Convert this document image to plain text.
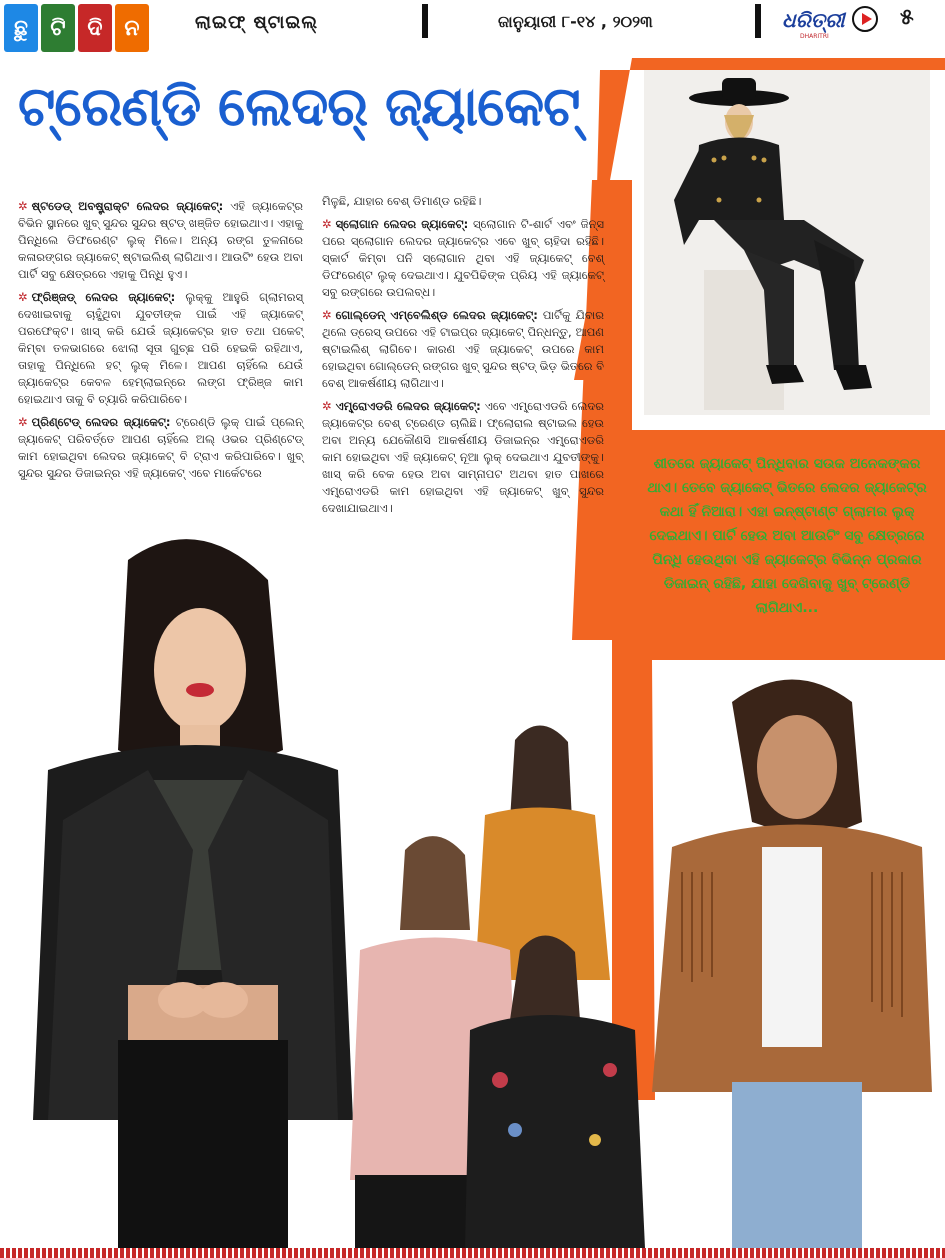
ଛୁ	ଟି ଦି ନ	ଲାଇଫ୍ ଷ୍ଟାଇଲ୍	ଜାନୁୟାରୀ ୮-୧୪ , ୨୦୨୩	ଧରିତ୍ରୀ
DHARITRI
୫
ଟ୍ରେଣ୍ଡି ଲେଦର୍ ଜ୍ୟାକେଟ୍

✲ ଷ୍ଟଡେଡ୍ ଅବଷ୍ଟ୍ରାକ୍ଟ ଲେଦର ଜ୍ୟାକେଟ୍: ଏହି ଜ୍ୟାକେଟ୍‌ର ବିଭିନ ସ୍ଥାନରେ ଖୁବ୍ ସୁନ୍ଦର ସୁନ୍ଦର ଷ୍ଟଡ୍ ଖଞ୍ଜିତ ହୋଇଥାଏ। ଏହାକୁ ପିନ୍ଧିଲେ ଡିଫରେଣ୍ଟ ଲୁକ୍ ମିଳେ। ଅନ୍ୟ ରଙ୍ଗ ତୁଳନାରେ କଳାରଙ୍ଗର ଜ୍ୟାକେଟ୍ ଷ୍ଟାଇଲିଶ୍ ଲାଗିଥାଏ। ଆଉଟିଂ ହେଉ ଅବା ପାର୍ଟି ସବୁ କ୍ଷେତ୍ରରେ ଏହାକୁ ପିନ୍ଧି ହୁଏ।

✲ ଫ୍ରିଞ୍ଜଡ୍ ଲେଦର ଜ୍ୟାକେଟ୍: ଲୁକ୍‌କୁ ଆହୁରି ଗ୍ଲାମରସ୍ ଦେଖାଇବାକୁ ଚାହୁଁଥିବା ଯୁବତୀଙ୍କ ପାଇଁ ଏହି ଜ୍ୟାକେଟ୍ ପରଫେକ୍ଟ। ଖାସ୍ କରି ଯେଉଁ ଜ୍ୟାକେଟ୍‌ର ହାତ ତଥା ପକେଟ୍ କିମ୍ବା ତଳଭାଗରେ ଝୋଲା ସୂତା ଗୁଚ୍ଛ ପରି ହେଇକି ରହିଥାଏ, ତାହାକୁ ପିନ୍ଧିଲେ ହଟ୍ ଲୁକ୍ ମିଳେ। ଆପଣ ଚାହିଁଲେ ଯେଉଁ ଜ୍ୟାକେଟ୍‌ର କେବଳ ହେମ୍‌ଲାଇନ୍‌ରେ ଲଙ୍ଗ ଫ୍ରିଞ୍ଜ କାମ ହୋଇଥାଏ ତାକୁ ବି ଚ୍ୟାରି କରିପାରିବେ।

✲ ପ୍ରିଣ୍ଟେଡ୍ ଲେଦର ଜ୍ୟାକେଟ୍: ଟ୍ରେଣ୍ଡି ଲୁକ୍ ପାଇଁ ପ୍ଲେନ୍ ଜ୍ୟାକେଟ୍ ପରିବର୍ତ୍ତେ ଆପଣ ଚାହିଁଲେ ଅଲ୍ ଓଭର ପ୍ରିଣ୍ଟେଡ୍ କାମ ହୋଇଥିବା ଲେଦର ଜ୍ୟାକେଟ୍ ବି ଟ୍ରାଏ କରିପାରିବେ। ଖୁବ୍ ସୁନ୍ଦର ସୁନ୍ଦର ଡିଜାଇନ୍‌ର ଏହି ଜ୍ୟାକେଟ୍ ଏବେ ମାର୍କେଟରେ

ମିଳୁଛି, ଯାହାର ବେଶ୍ ଡିମାଣ୍ଡ ରହିଛି।

✲ ସ୍ଲୋଗାନ ଲେଦର ଜ୍ୟାକେଟ୍: ସ୍ଲୋଗାନ ଟି-ଶାର୍ଟ ଏବଂ ଜିନ୍ସ ପରେ ସ୍ଲୋଗାନ ଲେଦର ଜ୍ୟାକେଟ୍‌ର ଏବେ ଖୁବ୍ ଚାହିଦା ରହିଛି। ସ୍କାର୍ଟ କିମ୍ବା ପନି ସ୍ଲୋଗାନ ଥିବା ଏହି ଜ୍ୟାକେଟ୍ ବେଶ୍ ଡିଫରେଣ୍ଟ ଲୁକ୍ ଦେଇଥାଏ। ଯୁବପିଢିଙ୍କ ପ୍ରିୟ ଏହି ଜ୍ୟାକେଟ୍ ସବୁ ରଙ୍ଗରେ ଉପଲବ୍ଧ।

✲ ଗୋଲ୍ଡେନ୍ ଏମ୍ବେଲିଶ୍ଡ ଲେଦର ଜ୍ୟାକେଟ୍: ପାର୍ଟିକୁ ଯିବାର ଥିଲେ ଡ୍ରେସ୍ ଉପରେ ଏହି ଟାଇପ୍‌ର ଜ୍ୟାକେଟ୍ ପିନ୍ଧନ୍ତୁ, ଆପଣ ଷ୍ଟାଇଲିଶ୍ ଲାଗିବେ। କାରଣ ଏହି ଜ୍ୟାକେଟ୍ ଉପରେ କାମ ହୋଇଥିବା ଗୋଲ୍ଡେନ୍ ରଙ୍ଗର ଖୁବ୍ ସୁନ୍ଦର ଷ୍ଟଡ୍ ଭିଡ଼ ଭିତରେ ବି ବେଶ୍ ଆକର୍ଷଣୀୟ ଲାଗିଥାଏ।

✲ ଏମ୍ବ୍ରୋଏଡରି ଲେଦର ଜ୍ୟାକେଟ୍: ଏବେ ଏମ୍ବ୍ରୋଏଡରି ଲେଦର ଜ୍ୟାକେଟ୍‌ର ବେଶ୍ ଟ୍ରେଣ୍ଡ ଚାଲିଛି। ଫ୍ଲୋରାଲ ଷ୍ଟାଇଲ ହେଉ ଅବା ଅନ୍ୟ ଯେକୌଣସି ଆକର୍ଷଣୀୟ ଡିଜାଇନ୍‌ର ଏମ୍ବ୍ରୋଏଡରି କାମ ହୋଇଥିବା ଏହି ଜ୍ୟାକେଟ୍ ନୂଆ ଲୁକ୍ ଦେଇଥାଏ ଯୁବତୀଙ୍କୁ। ଖାସ୍ କରି ବେକ ହେଉ ଅବା ସାମ୍ନାପଟ ଅଥବା ହାତ ପାଖରେ ଏମ୍ବ୍ରୋଏଡରି କାମ ହୋଇଥିବା ଏହି ଜ୍ୟାକେଟ୍ ଖୁବ୍ ସୁନ୍ଦର ଦେଖାଯାଇଥାଏ।

ଶୀତରେ ଜ୍ୟାକେଟ୍ ପିନ୍ଧିବାର ସଉକ ଅନେକଙ୍କର ଥାଏ। ତେବେ ଜ୍ୟାକେଟ୍ ଭିତରେ ଲେଦର ଜ୍ୟାକେଟ୍‌ର କଥା ହିଁ ନିଆରା। ଏହା ଇନ୍‌ଷ୍ଟାଣ୍ଟ ଗ୍ଲାମର ଲୁକ୍ ଦେଇଥାଏ। ପାର୍ଟି ହେଉ ଅବା ଆଉଟିଂ ସବୁ କ୍ଷେତ୍ରରେ ପିନ୍ଧି ହେଉଥିବା ଏହି ଜ୍ୟାକେଟ୍‌ର ବିଭିନ୍ନ ପ୍ରକାର ଡିଜାଇନ୍ ରହିଛି, ଯାହା ଦେଖିବାକୁ ଖୁବ୍ ଟ୍ରେଣ୍ଡି ଲାଗିଥାଏ...
